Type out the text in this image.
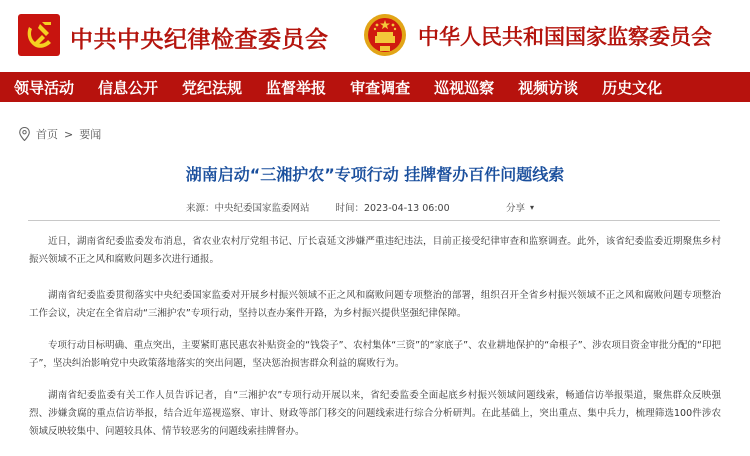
中共中央纪律检查委员会	中华人民共和国国家监察委员会
领导活动 信息公开 党纪法规 监督举报 审查调查 巡视巡察 视频访谈 历史文化
首页 > 要闻
湖南启动“三湘护农”专项行动 挂牌督办百件问题线索
来源：中央纪委国家监委网站	时间：2023-04-13 06:00	分享 ▾

近日，湖南省纪委监委发布消息，省农业农村厅党组书记、厅长袁延文涉嫌严重违纪违法，目前正接受纪律审查和监察调查。此外，该省纪委监委近期聚焦乡村振兴领域不正之风和腐败问题多次进行通报。

湖南省纪委监委贯彻落实中央纪委国家监委对开展乡村振兴领域不正之风和腐败问题专项整治的部署，组织召开全省乡村振兴领域不正之风和腐败问题专项整治工作会议，决定在全省启动“三湘护农”专项行动，坚持以查办案件开路，为乡村振兴提供坚强纪律保障。

专项行动目标明确、重点突出，主要紧盯惠民惠农补贴资金的“钱袋子”、农村集体“三资”的“家底子”、农业耕地保护的“命根子”、涉农项目资金审批分配的“印把子”，坚决纠治影响党中央政策落地落实的突出问题，坚决惩治损害群众利益的腐败行为。

湖南省纪委监委有关工作人员告诉记者，自“三湘护农”专项行动开展以来，省纪委监委全面起底乡村振兴领域问题线索，畅通信访举报渠道，聚焦群众反映强烈、涉嫌贪腐的重点信访举报，结合近年巡视巡察、审计、财政等部门移交的问题线索进行综合分析研判。在此基础上，突出重点、集中兵力，梳理筛选100件涉农领域反映较集中、问题较具体、情节较恶劣的问题线索挂牌督办。
